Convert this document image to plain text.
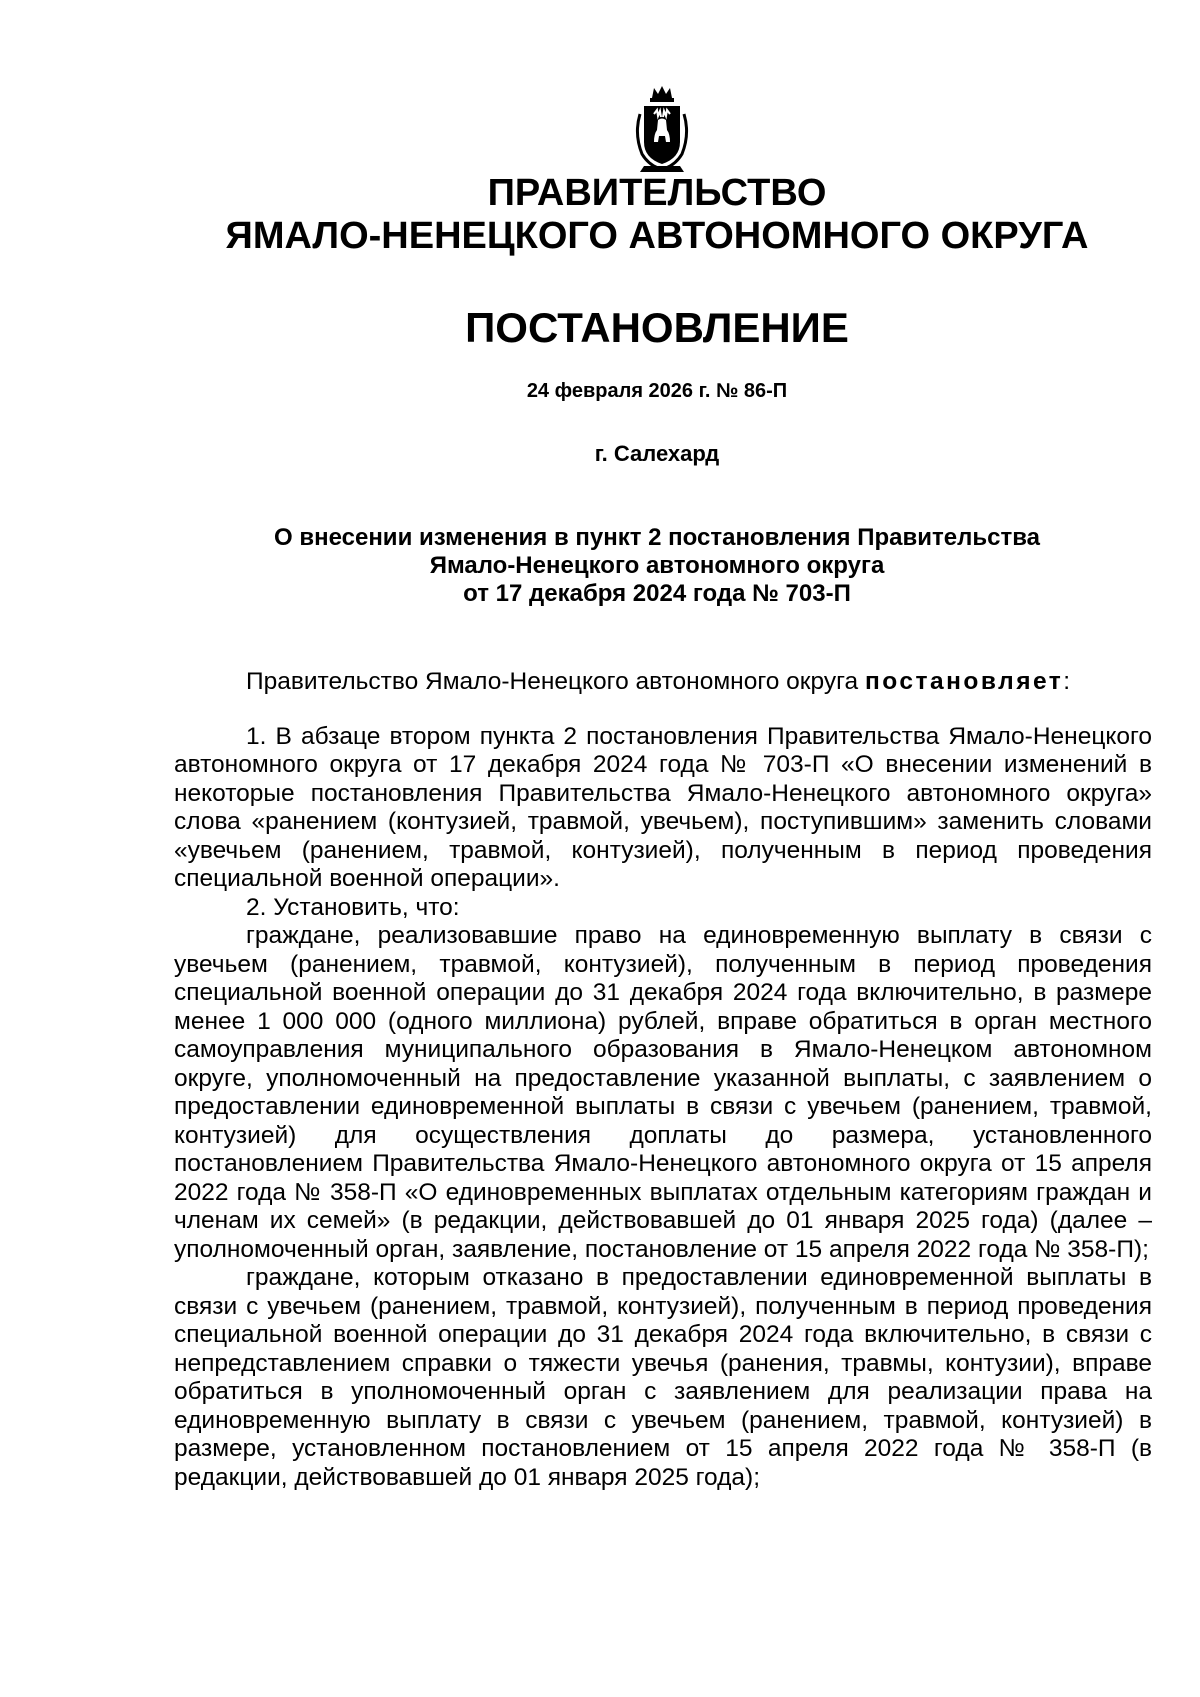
ПРАВИТЕЛЬСТВО
ЯМАЛО-НЕНЕЦКОГО АВТОНОМНОГО ОКРУГА
ПОСТАНОВЛЕНИЕ
24 февраля 2026 г. № 86-П
г. Салехард
О внесении изменения в пункт 2 постановления Правительства
Ямало-Ненецкого автономного округа
от 17 декабря 2024 года № 703-П

Правительство Ямало-Ненецкого автономного округа постановляет:

1. В абзаце втором пункта 2 постановления Правительства Ямало-Ненецкого автономного округа от 17 декабря 2024 года № 703-П «О внесении изменений в некоторые постановления Правительства Ямало-Ненецкого автономного округа» слова «ранением (контузией, травмой, увечьем), поступившим» заменить словами «увечьем (ранением, травмой, контузией), полученным в период проведения специальной военной операции».

2. Установить, что:

граждане, реализовавшие право на единовременную выплату в связи с увечьем (ранением, травмой, контузией), полученным в период проведения специальной военной операции до 31 декабря 2024 года включительно, в размере менее 1 000 000 (одного миллиона) рублей, вправе обратиться в орган местного самоуправления муниципального образования в Ямало-Ненецком автономном округе, уполномоченный на предоставление указанной выплаты, с заявлением о предоставлении единовременной выплаты в связи с увечьем (ранением, травмой, контузией) для осуществления доплаты до размера, установленного постановлением Правительства Ямало-Ненецкого автономного округа от 15 апреля 2022 года № 358-П «О единовременных выплатах отдельным категориям граждан и членам их семей» (в редакции, действовавшей до 01 января 2025 года) (далее – уполномоченный орган, заявление, постановление от 15 апреля 2022 года № 358-П);

граждане, которым отказано в предоставлении единовременной выплаты в связи с увечьем (ранением, травмой, контузией), полученным в период проведения специальной военной операции до 31 декабря 2024 года включительно, в связи с непредставлением справки о тяжести увечья (ранения, травмы, контузии), вправе обратиться в уполномоченный орган с заявлением для реализации права на единовременную выплату в связи с увечьем (ранением, травмой, контузией) в размере, установленном постановлением от 15 апреля 2022 года № 358-П (в редакции, действовавшей до 01 января 2025 года);
